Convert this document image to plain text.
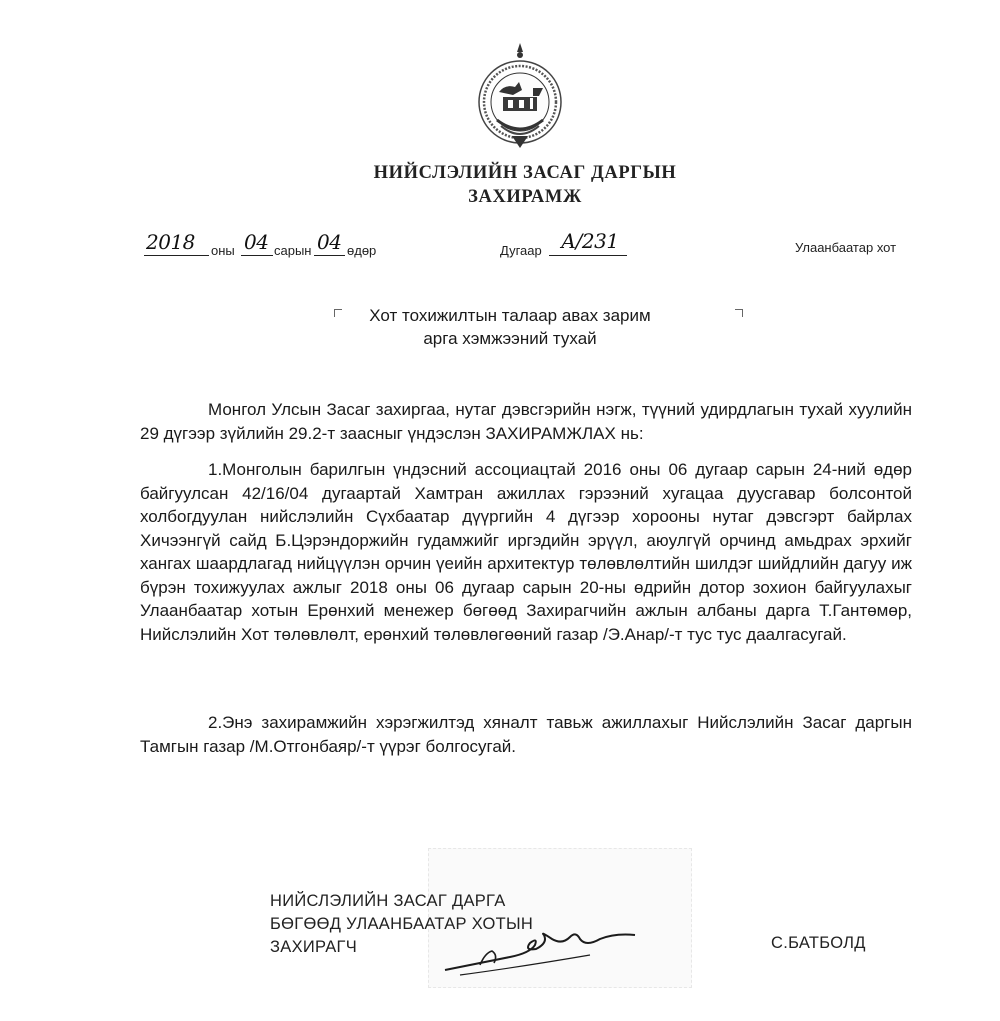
НИЙСЛЭЛИЙН ЗАСАГ ДАРГЫН
ЗАХИРАМЖ
2018 оны 04 сарын 04 өдөр	Дугаар А/231	Улаанбаатар хот
Хот тохижилтын талаар авах зарим
арга хэмжээний тухай
Монгол Улсын Засаг захиргаа, нутаг дэвсгэрийн нэгж, түүний удирдлагын тухай хуулийн 29 дүгээр зүйлийн 29.2-т заасныг үндэслэн ЗАХИРАМЖЛАХ нь:
1.Монголын барилгын үндэсний ассоциацтай 2016 оны 06 дугаар сарын 24-ний өдөр байгуулсан 42/16/04 дугаартай Хамтран ажиллах гэрээний хугацаа дуусгавар болсонтой холбогдуулан нийслэлийн Сүхбаатар дүүргийн 4 дүгээр хорооны нутаг дэвсгэрт байрлах Хичээнгүй сайд Б.Цэрэндоржийн гудамжийг иргэдийн эрүүл, аюулгүй орчинд амьдрах эрхийг хангах шаардлагад нийцүүлэн орчин үеийн архитектур төлөвлөлтийн шилдэг шийдлийн дагуу иж бүрэн тохижуулах ажлыг 2018 оны 06 дугаар сарын 20-ны өдрийн дотор зохион байгуулахыг Улаанбаатар хотын Ерөнхий менежер бөгөөд Захирагчийн ажлын албаны дарга Т.Гантөмөр, Нийслэлийн Хот төлөвлөлт, ерөнхий төлөвлөгөөний газар /Э.Анар/-т тус тус даалгасугай.
2.Энэ захирамжийн хэрэгжилтэд хяналт тавьж ажиллахыг Нийслэлийн Засаг даргын Тамгын газар /М.Отгонбаяр/-т үүрэг болгосугай.
НИЙСЛЭЛИЙН ЗАСАГ ДАРГА
БӨГӨӨД УЛААНБААТАР ХОТЫН
ЗАХИРАГЧ	С.БАТБОЛД
